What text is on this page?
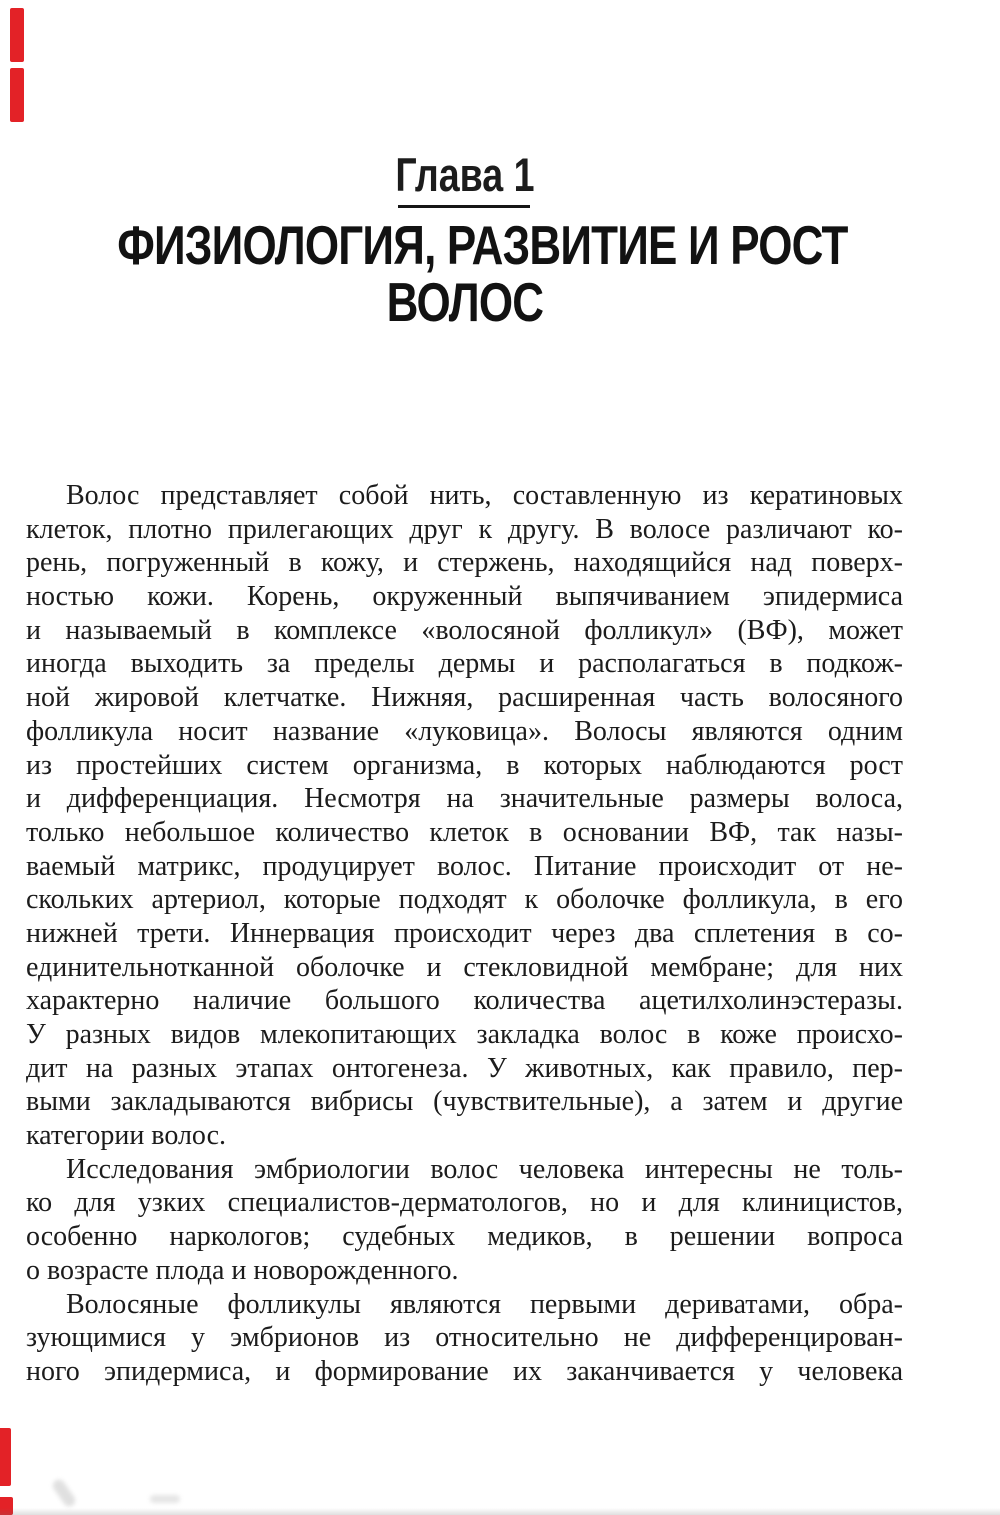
Глава 1
ФИЗИОЛОГИЯ, РАЗВИТИЕ И РОСТ
ВОЛОС
Волос представляет собой нить, составленную из кератиновых
клеток, плотно прилегающих друг к другу. В волосе различают ко-
рень, погруженный в кожу, и стержень, находящийся над поверх-
ностью кожи. Корень, окруженный выпячиванием эпидермиса
и называемый в комплексе «волосяной фолликул» (ВФ), может
иногда выходить за пределы дермы и располагаться в подкож-
ной жировой клетчатке. Нижняя, расширенная часть волосяного
фолликула носит название «луковица». Волосы являются одним
из простейших систем организма, в которых наблюдаются рост
и дифференциация. Несмотря на значительные размеры волоса,
только небольшое количество клеток в основании ВФ, так назы-
ваемый матрикс, продуцирует волос. Питание происходит от не-
скольких артериол, которые подходят к оболочке фолликула, в его
нижней трети. Иннервация происходит через два сплетения в со-
единительнотканной оболочке и стекловидной мембране; для них
характерно наличие большого количества ацетилхолинэстеразы.
У разных видов млекопитающих закладка волос в коже происхо-
дит на разных этапах онтогенеза. У животных, как правило, пер-
выми закладываются вибрисы (чувствительные), а затем и другие
категории волос.
Исследования эмбриологии волос человека интересны не толь-
ко для узких специалистов-дерматологов, но и для клиницистов,
особенно наркологов; судебных медиков, в решении вопроса
о возрасте плода и новорожденного.
Волосяные фолликулы являются первыми дериватами, обра-
зующимися у эмбрионов из относительно не дифференцирован-
ного эпидермиса, и формирование их заканчивается у человека
